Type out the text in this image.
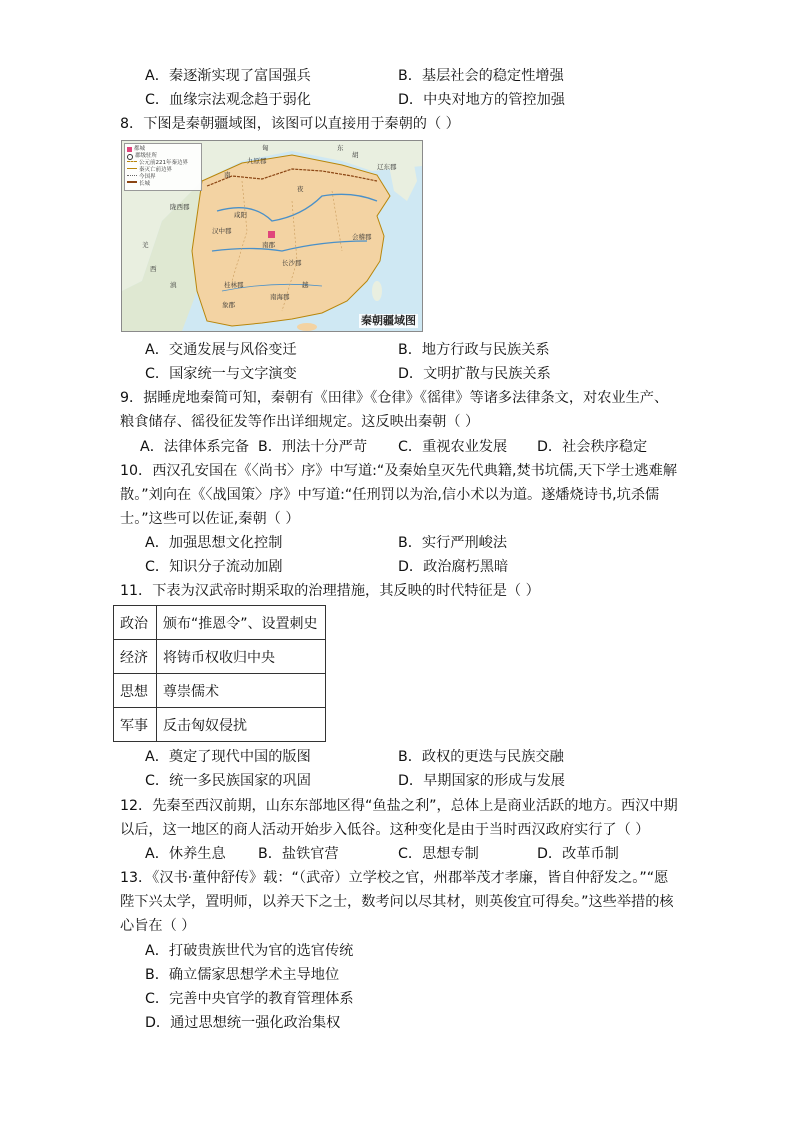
A．秦逐渐实现了富国强兵	B．基层社会的稳定性增强
C．血缘宗法观念趋于弱化	D．中央对地方的管控加强
8．下图是秦朝疆域图，该图可以直接用于秦朝的（ ）
都城
郡级驻所
公元前221年秦边界
秦灭亡前边界
今国界
长城
匈	东
胡
九原郡
辽东郡
陇西郡
咸阳
汉中郡
会稽郡
南郡
长沙郡
桂林郡
南海郡
象郡
羌
滇
西
越
南
夜
秦朝疆域图
A．交通发展与风俗变迁	B．地方行政与民族关系
C．国家统一与文字演变	D．文明扩散与民族关系
9．据睡虎地秦简可知，秦朝有《田律》《仓律》《徭律》等诸多法律条文，对农业生产、
粮食储存、徭役征发等作出详细规定。这反映出秦朝（ ）
A．法律体系完备 B．刑法十分严苛 C．重视农业发展 D．社会秩序稳定
10．西汉孔安国在《〈尚书〉序》中写道:“及秦始皇灭先代典籍,焚书坑儒,天下学士逃难解
散。”刘向在《〈战国策〉序》中写道:“任刑罚以为治,信小术以为道。遂燔烧诗书,坑杀儒
士。”这些可以佐证,秦朝（ ）
A．加强思想文化控制	B．实行严刑峻法
C．知识分子流动加剧	D．政治腐朽黑暗
11．下表为汉武帝时期采取的治理措施，其反映的时代特征是（ ）
政治	颁布“推恩令”、设置刺史
经济	将铸币权收归中央
思想	尊崇儒术
军事	反击匈奴侵扰
A．奠定了现代中国的版图	B．政权的更迭与民族交融
C．统一多民族国家的巩固	D．早期国家的形成与发展
12．先秦至西汉前期，山东东部地区得“鱼盐之利”，总体上是商业活跃的地方。西汉中期
以后，这一地区的商人活动开始步入低谷。这种变化是由于当时西汉政府实行了（ ）
A．休养生息 B．盐铁官营	C．思想专制	D．改革币制
13．《汉书·董仲舒传》载：“（武帝）立学校之官，州郡举茂才孝廉，皆自仲舒发之。”“愿
陛下兴太学，置明师，以养天下之士，数考问以尽其材，则英俊宜可得矣。”这些举措的核
心旨在（ ）
A．打破贵族世代为官的选官传统
B．确立儒家思想学术主导地位
C．完善中央官学的教育管理体系
D．通过思想统一强化政治集权
